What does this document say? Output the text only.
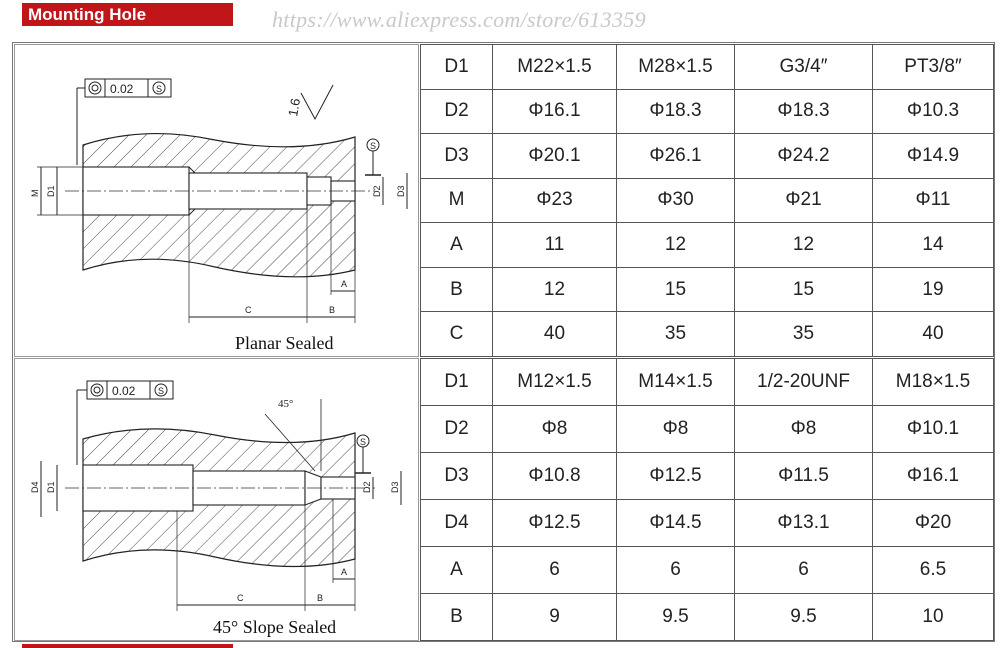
Mounting Hole	https://www.aliexpress.com/store/613359
0.02	S
1.6
S
M D1	D2 D3
A
C	B
Planar Sealed
0.02	S
45°
S
D4 D1	D2 D3
A
C	B
45° Slope Sealed
D1	M22×1.5	M28×1.5	G3/4″	PT3/8″
D2	Φ16.1	Φ18.3	Φ18.3	Φ10.3
D3	Φ20.1	Φ26.1	Φ24.2	Φ14.9
M	Φ23	Φ30	Φ21	Φ11
A	11	12	12	14
B	12	15	15	19
C	40	35	35	40
D1	M12×1.5	M14×1.5	1/2-20UNF	M18×1.5
D2	Φ8	Φ8	Φ8	Φ10.1
D3	Φ10.8	Φ12.5	Φ11.5	Φ16.1
D4	Φ12.5	Φ14.5	Φ13.1	Φ20
A	6	6	6	6.5
B	9	9.5	9.5	10
